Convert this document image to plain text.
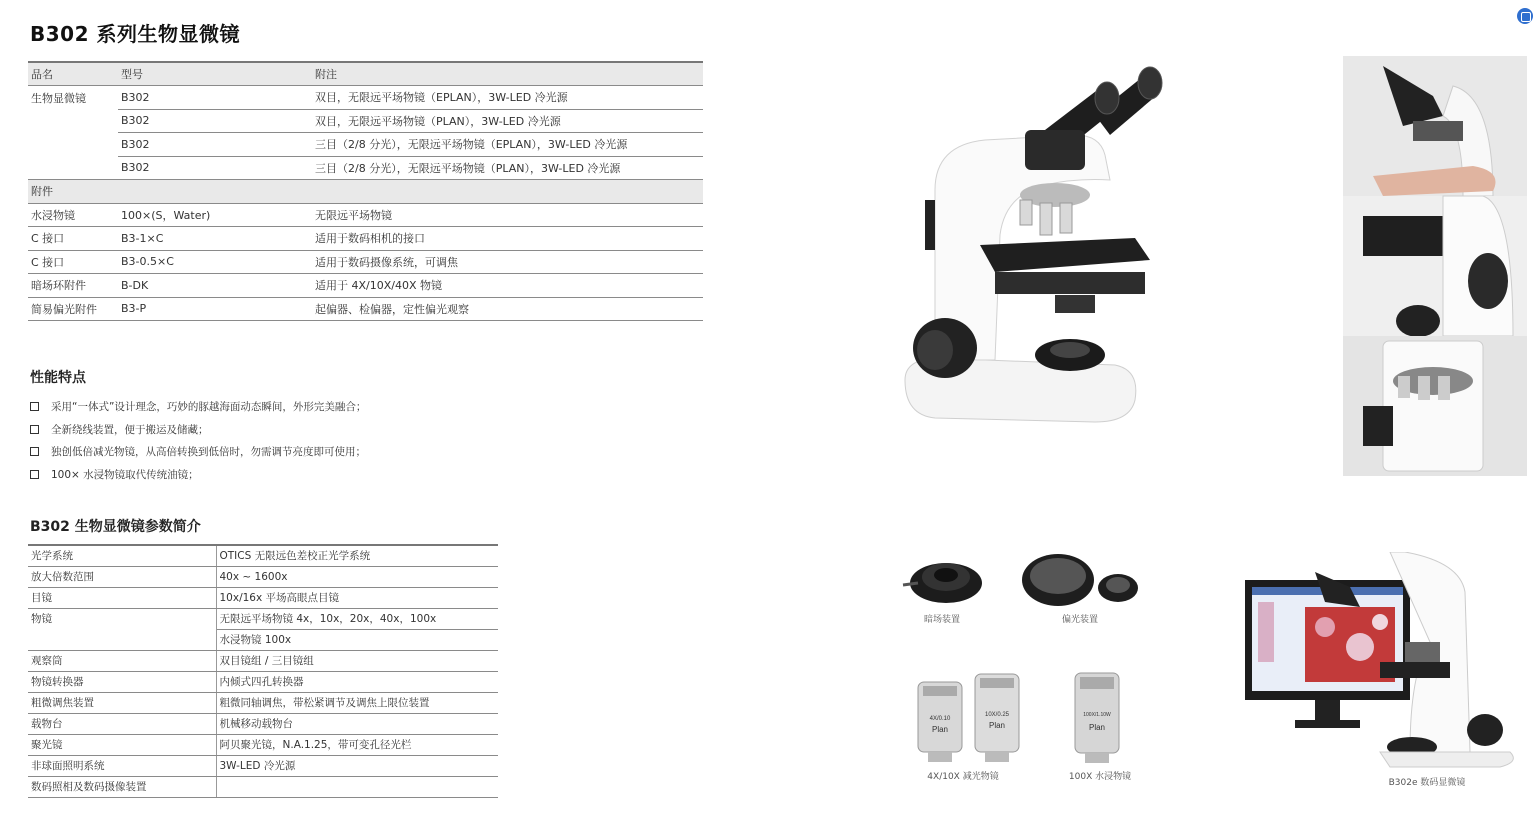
B302 系列生物显微镜
品名	型号		附注
生物显微镜	B302		双目，无限远平场物镜（EPLAN），3W-LED 冷光源
	B302		双目，无限远平场物镜（PLAN），3W-LED 冷光源
	B302		三目（2/8 分光），无限远平场物镜（EPLAN），3W-LED 冷光源
	B302		三目（2/8 分光），无限远平场物镜（PLAN），3W-LED 冷光源
附件			
水浸物镜	100×(S，Water)		无限远平场物镜
C 接口	B3-1×C		适用于数码相机的接口
C 接口	B3-0.5×C		适用于数码摄像系统，可调焦
暗场环附件	B-DK		适用于 4X/10X/40X 物镜
简易偏光附件	B3-P		起偏器、检偏器，定性偏光观察
性能特点
采用“一体式”设计理念，巧妙的豚越海面动态瞬间，外形完美融合；
全新绕线装置，便于搬运及储藏；
独创低倍减光物镜，从高倍转换到低倍时，勿需调节亮度即可使用；
100× 水浸物镜取代传统油镜；
B302 生物显微镜参数简介
光学系统	OTICS 无限远色差校正光学系统
放大倍数范围	40x ~ 1600x
目镜	10x/16x 平场高眼点目镜
物镜	无限远平场物镜 4x，10x，20x，40x，100x
	水浸物镜 100x
观察筒	双目镜组 / 三目镜组
物镜转换器	内倾式四孔转换器
粗微调焦装置	粗微同轴调焦，带松紧调节及调焦上限位装置
载物台	机械移动载物台
聚光镜	阿贝聚光镜，N.A.1.25，带可变孔径光栏
非球面照明系统	3W-LED 冷光源
数码照相及数码摄像装置	
暗场装置	偏光装置
Plan
4X/0.10
Plan
10X/0.25
4X/10X 减光物镜
Plan
100X/1.10W
100X 水浸物镜
B302e 数码显微镜
